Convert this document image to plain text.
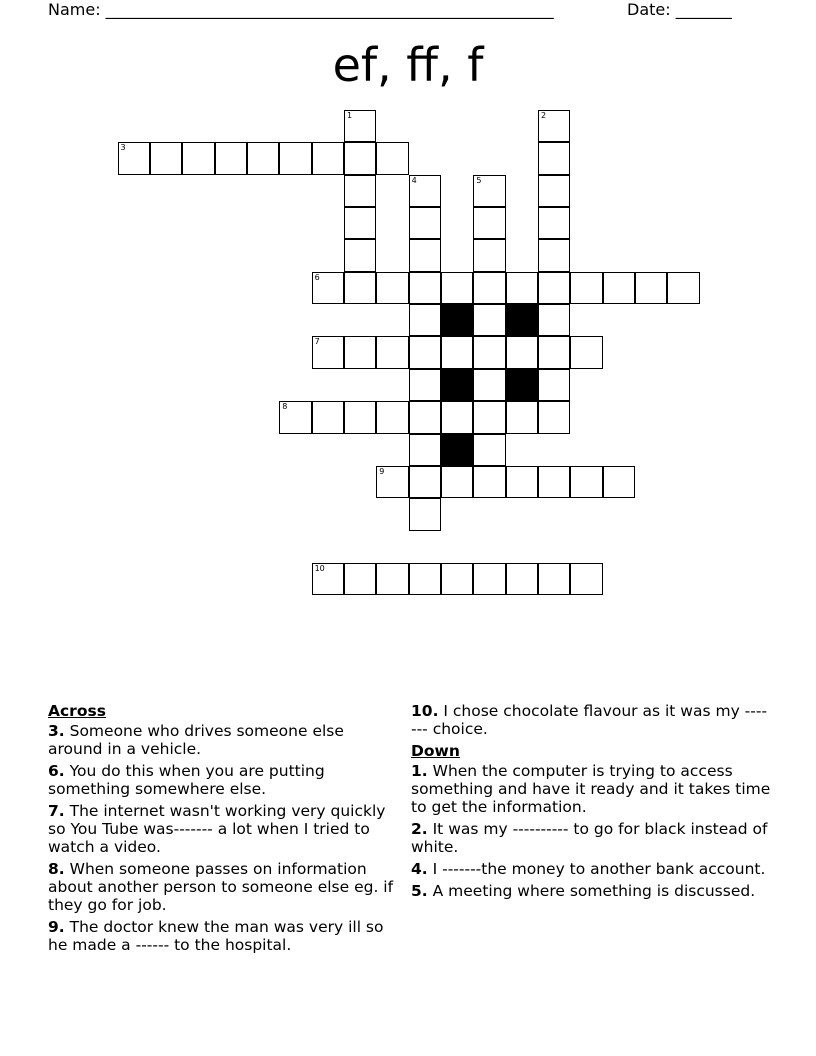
Name: ________________________________________________________	Date: _______
ef, ff, f
1	2
3
4	5
6
7
8
9
10
Across
3. Someone who drives someone else around in a vehicle.
6. You do this when you are putting something somewhere else.
7. The internet wasn't working very quickly so You Tube was------- a lot when I tried to watch a video.
8. When someone passes on information about another person to someone else eg. if they go for job.
9. The doctor knew the man was very ill so he made a ------ to the hospital.
10. I chose chocolate flavour as it was my ------- choice.
Down
1. When the computer is trying to access something and have it ready and it takes time to get the information.
2. It was my ---------- to go for black instead of white.
4. I -------the money to another bank account.
5. A meeting where something is discussed.
